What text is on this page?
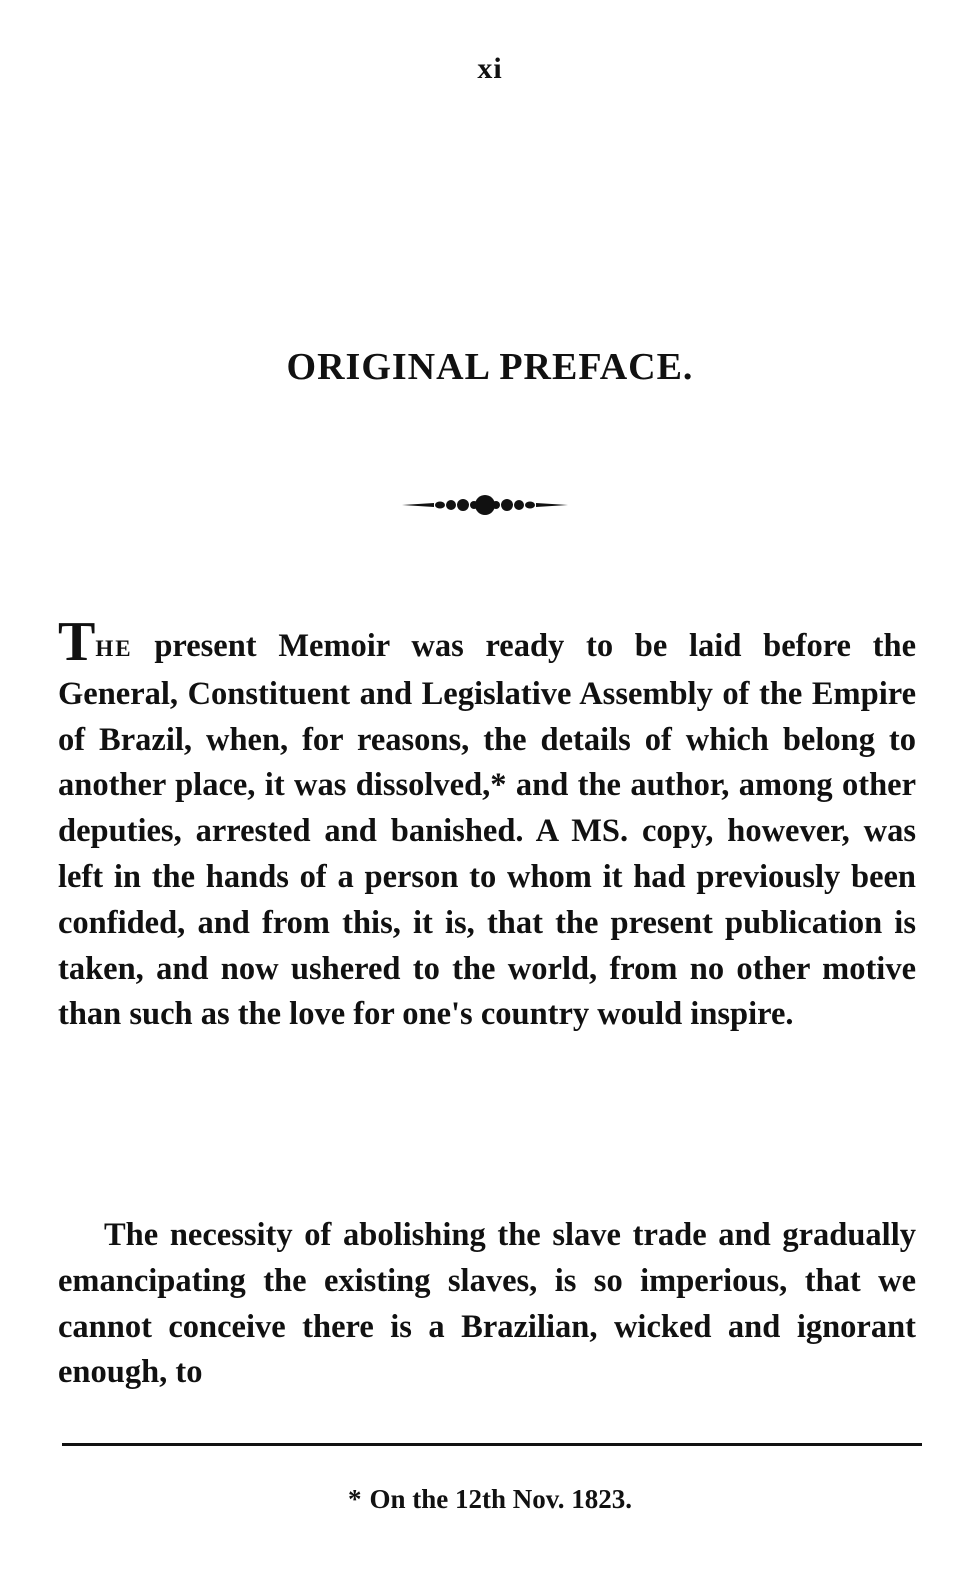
xi
ORIGINAL PREFACE.
THE present Memoir was ready to be laid before the General, Constituent and Legislative Assembly of the Empire of Brazil, when, for reasons, the details of which belong to another place, it was dissolved,* and the author, among other deputies, arrested and banished. A MS. copy, however, was left in the hands of a person to whom it had previously been confided, and from this, it is, that the present publication is taken, and now ushered to the world, from no other motive than such as the love for one's country would inspire.
The necessity of abolishing the slave trade and gradually emancipating the existing slaves, is so imperious, that we cannot conceive there is a Brazilian, wicked and ignorant enough, to
* On the 12th Nov. 1823.
